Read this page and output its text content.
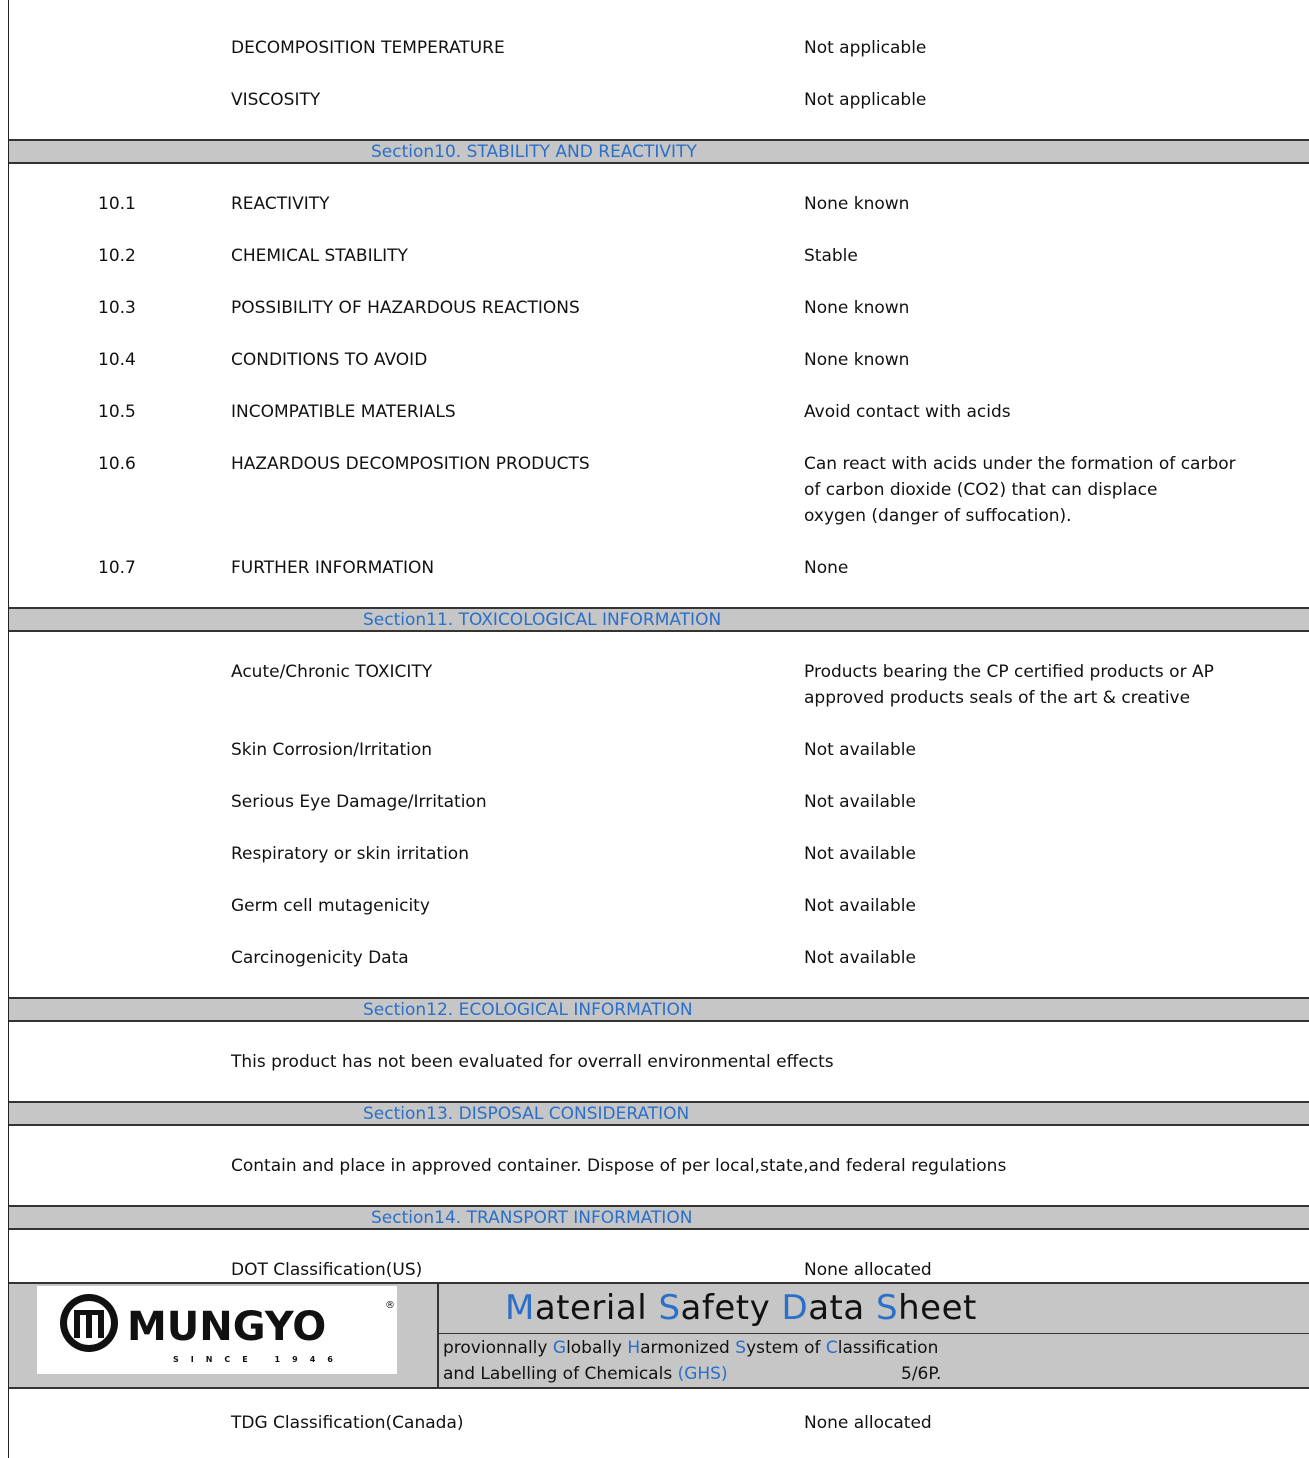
DECOMPOSITION TEMPERATURE	Not applicable
VISCOSITY	Not applicable
Section10. STABILITY AND REACTIVITY
10.1	REACTIVITY	None known
10.2	CHEMICAL STABILITY	Stable
10.3	POSSIBILITY OF HAZARDOUS REACTIONS	None known
10.4	CONDITIONS TO AVOID	None known
10.5	INCOMPATIBLE MATERIALS	Avoid contact with acids
10.6	HAZARDOUS DECOMPOSITION PRODUCTS	Can react with acids under the formation of carbor
of carbon dioxide (CO2) that can displace
oxygen (danger of suffocation).
10.7	FURTHER INFORMATION	None
Section11. TOXICOLOGICAL INFORMATION
Acute/Chronic TOXICITY	Products bearing the CP certified products or AP
approved products seals of the art & creative
Skin Corrosion/Irritation	Not available
Serious Eye Damage/Irritation	Not available
Respiratory or skin irritation	Not available
Germ cell mutagenicity	Not available
Carcinogenicity Data	Not available
Section12. ECOLOGICAL INFORMATION
This product has not been evaluated for overrall environmental effects
Section13. DISPOSAL CONSIDERATION
Contain and place in approved container. Dispose of per local,state,and federal regulations
Section14. TRANSPORT INFORMATION
DOT Classification(US)	None allocated
MUNGYO	®
SINCE 1946
Material Safety Data Sheet
provionnally Globally Harmonized System of Classification
and Labelling of Chemicals (GHS)	5/6P.
TDG Classification(Canada)	None allocated
